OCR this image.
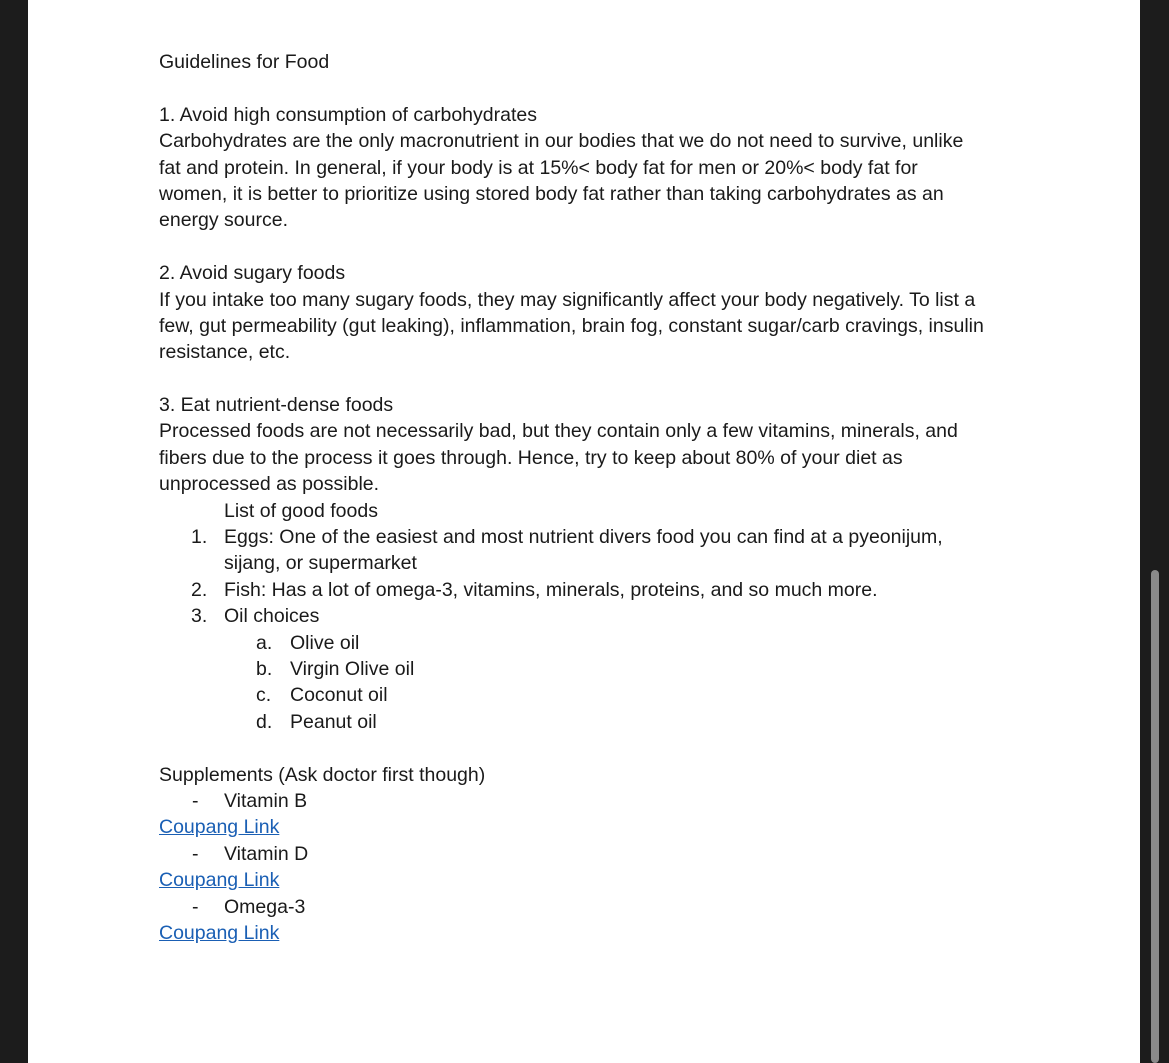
Guidelines for Food
1. Avoid high consumption of carbohydrates
Carbohydrates are the only macronutrient in our bodies that we do not need to survive, unlike
fat and protein. In general, if your body is at 15%< body fat for men or 20%< body fat for
women, it is better to prioritize using stored body fat rather than taking carbohydrates as an
energy source.
2. Avoid sugary foods
If you intake too many sugary foods, they may significantly affect your body negatively. To list a
few, gut permeability (gut leaking), inflammation, brain fog, constant sugar/carb cravings, insulin
resistance, etc.
3. Eat nutrient-dense foods
Processed foods are not necessarily bad, but they contain only a few vitamins, minerals, and
fibers due to the process it goes through. Hence, try to keep about 80% of your diet as
unprocessed as possible.
List of good foods
1. Eggs: One of the easiest and most nutrient divers food you can find at a pyeonijum,
sijang, or supermarket
2. Fish: Has a lot of omega-3, vitamins, minerals, proteins, and so much more.
3. Oil choices
a. Olive oil
b. Virgin Olive oil
c. Coconut oil
d. Peanut oil
Supplements (Ask doctor first though)
- Vitamin B
Coupang Link
- Vitamin D
Coupang Link
- Omega-3
Coupang Link
